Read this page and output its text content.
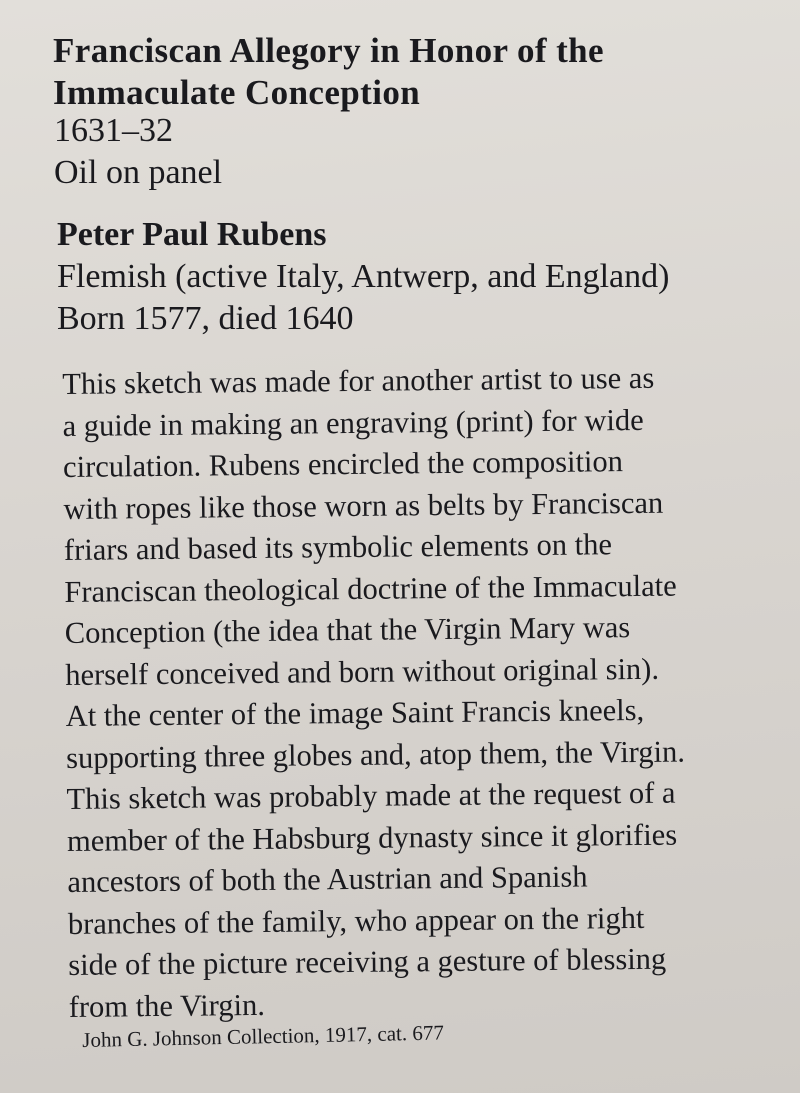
Franciscan Allegory in Honor of the
Immaculate Conception
1631–32
Oil on panel
Peter Paul Rubens
Flemish (active Italy, Antwerp, and England)
Born 1577, died 1640
This sketch was made for another artist to use as
a guide in making an engraving (print) for wide
circulation. Rubens encircled the composition
with ropes like those worn as belts by Franciscan
friars and based its symbolic elements on the
Franciscan theological doctrine of the Immaculate
Conception (the idea that the Virgin Mary was
herself conceived and born without original sin).
At the center of the image Saint Francis kneels,
supporting three globes and, atop them, the Virgin.
This sketch was probably made at the request of a
member of the Habsburg dynasty since it glorifies
ancestors of both the Austrian and Spanish
branches of the family, who appear on the right
side of the picture receiving a gesture of blessing
from the Virgin.
John G. Johnson Collection, 1917, cat. 677
